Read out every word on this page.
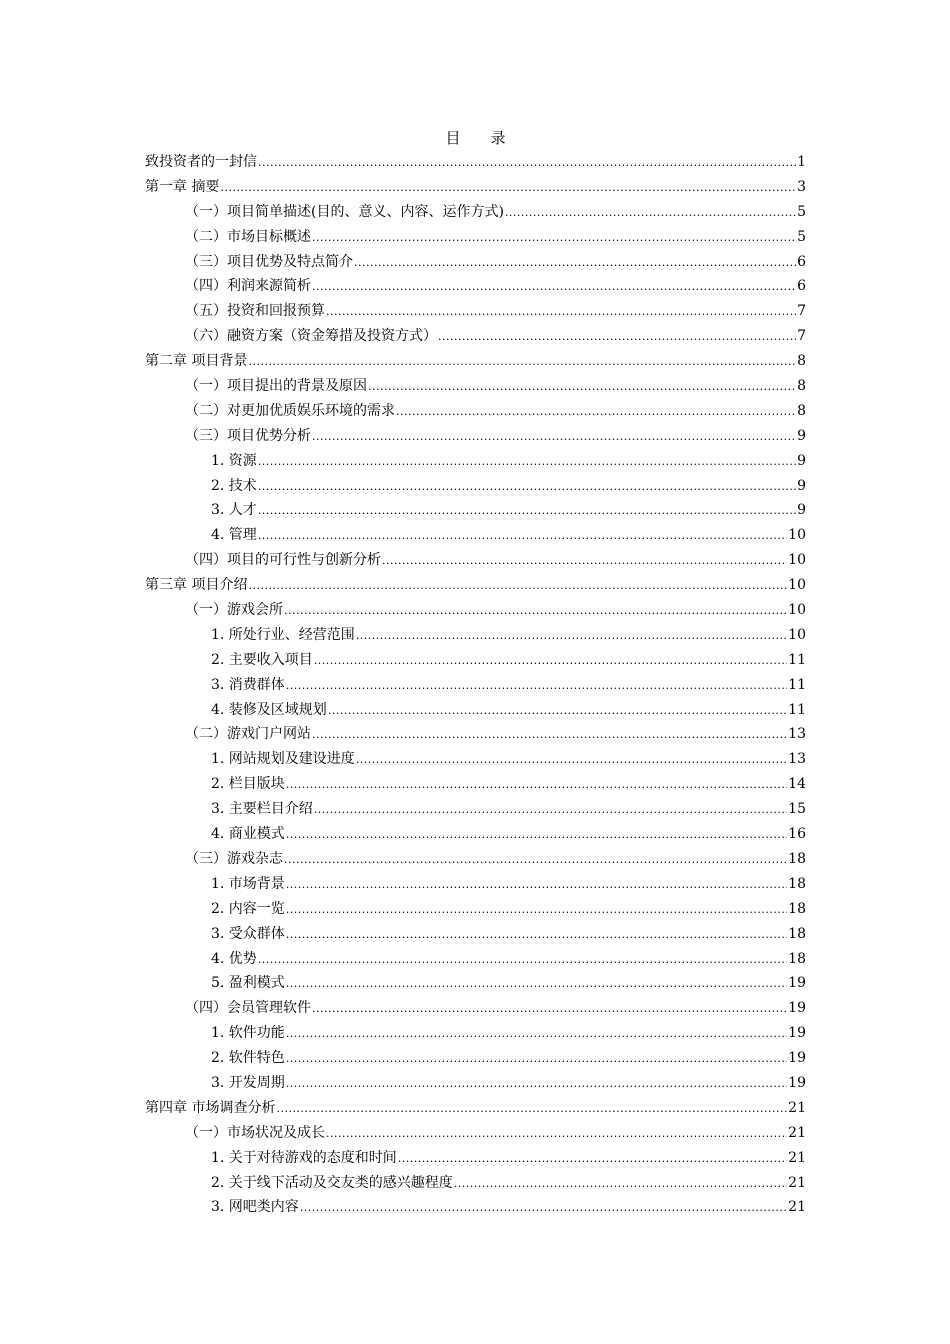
目　　录
致投资者的一封信 .....	1
第一章 摘要 .....	3
（一）项目简单描述(目的、意义、内容、运作方式) .....	5
（二）市场目标概述 .....	5
（三）项目优势及特点简介 .....	6
（四）利润来源简析 .....	6
（五）投资和回报预算 .....	7
（六）融资方案（资金筹措及投资方式） .....	7
第二章 项目背景 .....	8
（一）项目提出的背景及原因 .....	8
（二）对更加优质娱乐环境的需求 .....	8
（三）项目优势分析 .....	9
1. 资源 .....	9
2. 技术 .....	9
3. 人才 .....	9
4. 管理 .....	10
（四）项目的可行性与创新分析 .....	10
第三章 项目介绍 .....	10
（一）游戏会所 .....	10
1. 所处行业、经营范围 .....	10
2. 主要收入项目 .....	11
3. 消费群体 .....	11
4. 装修及区域规划 .....	11
（二）游戏门户网站 .....	13
1. 网站规划及建设进度 .....	13
2. 栏目版块 .....	14
3. 主要栏目介绍 .....	15
4. 商业模式 .....	16
（三）游戏杂志 .....	18
1. 市场背景 .....	18
2. 内容一览 .....	18
3. 受众群体 .....	18
4. 优势 .....	18
5. 盈利模式 .....	19
（四）会员管理软件 .....	19
1. 软件功能 .....	19
2. 软件特色 .....	19
3. 开发周期 .....	19
第四章 市场调查分析 .....	21
（一）市场状况及成长 .....	21
1. 关于对待游戏的态度和时间 .....	21
2. 关于线下活动及交友类的感兴趣程度 .....	21
3. 网吧类内容 .....	21
